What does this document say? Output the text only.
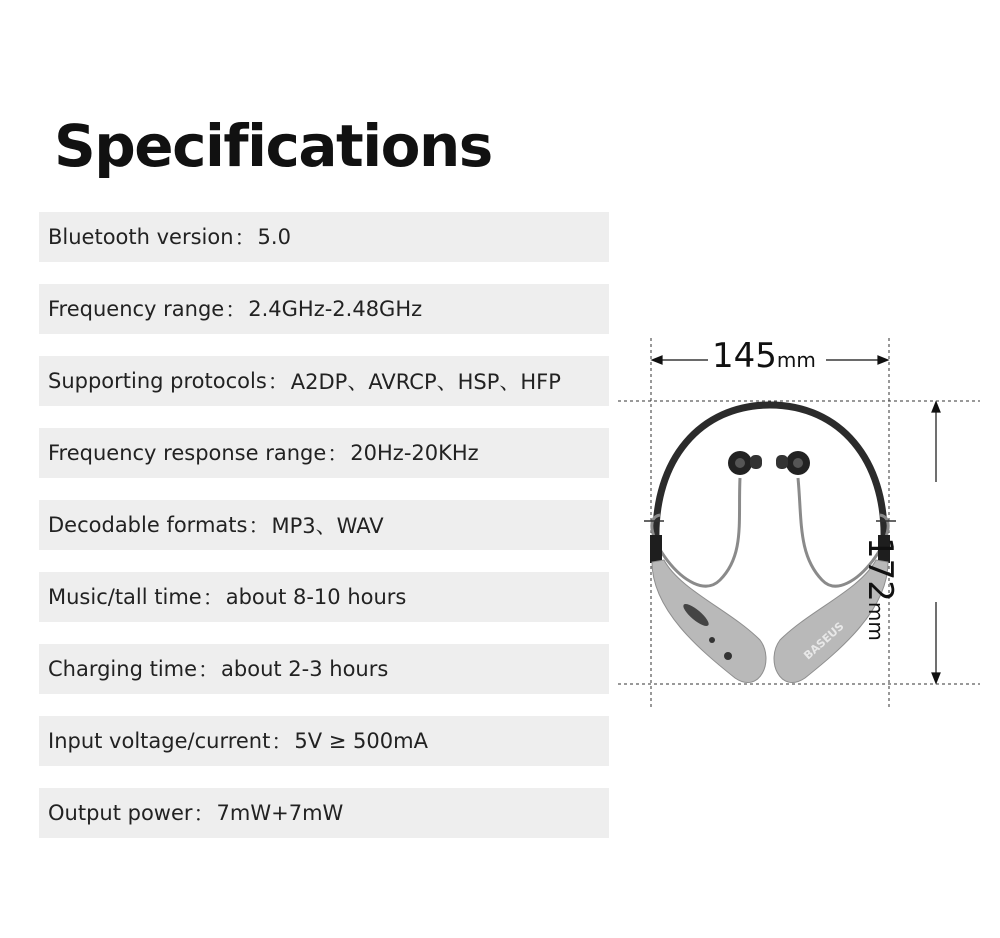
Specifications
Bluetooth version ： 5.0
Frequency range ： 2.4GHz-2.48GHz
Supporting protocols ： A2DP、AVRCP、HSP、HFP
Frequency response range ： 20Hz-20KHz
Decodable formats ： MP3、WAV
Music/tall time ： about 8-10 hours
Charging time ： about 2-3 hours
Input voltage/current ： 5V ≥ 500mA
Output power ： 7mW+7mW
BASEUS
145mm
172mm
